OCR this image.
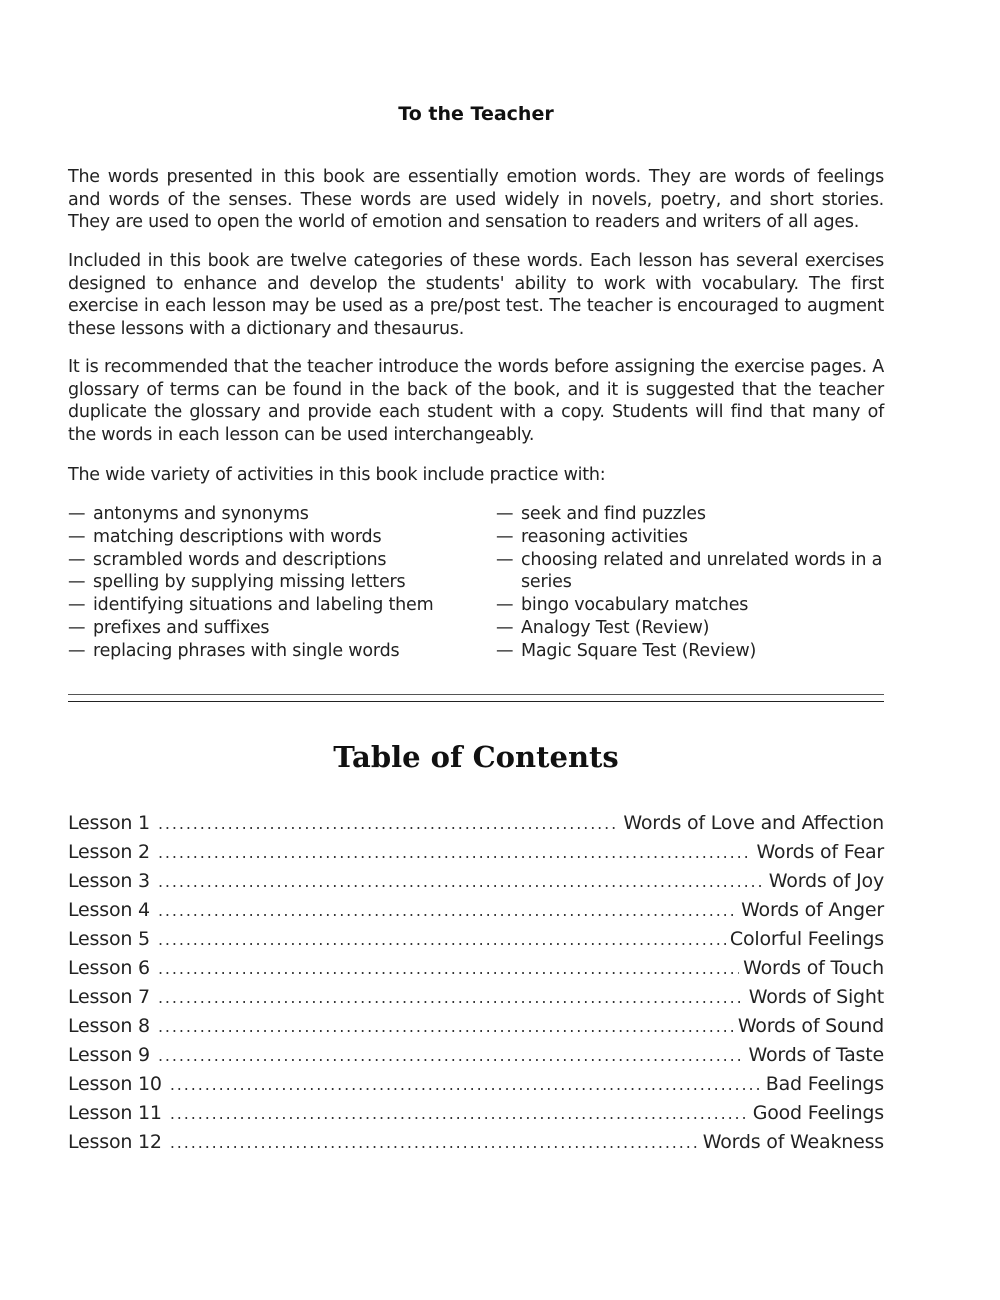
To the Teacher

The words presented in this book are essentially emotion words. They are words of feelings and words of the senses. These words are used widely in novels, poetry, and short stories. They are used to open the world of emotion and sensation to readers and writers of all ages.

Included in this book are twelve categories of these words. Each lesson has several exercises designed to enhance and develop the students' ability to work with vocabulary. The first exercise in each lesson may be used as a pre/post test. The teacher is encouraged to augment these lessons with a dictionary and thesaurus.

It is recommended that the teacher introduce the words before assigning the exercise pages. A glossary of terms can be found in the back of the book, and it is suggested that the teacher duplicate the glossary and provide each student with a copy. Students will find that many of the words in each lesson can be used interchangeably.

The wide variety of activities in this book include practice with:

— antonyms and synonyms
— matching descriptions with words
— scrambled words and descriptions
— spelling by supplying missing letters
— identifying situations and labeling them
— prefixes and suffixes
— replacing phrases with single words
— seek and find puzzles
— reasoning activities
— choosing related and unrelated words in a series
— bingo vocabulary matches
— Analogy Test (Review)
— Magic Square Test (Review)
Table of Contents
Lesson 1 . . .	Words of Love and Affection
Lesson 2 . . .	Words of Fear
Lesson 3 . . .	Words of Joy
Lesson 4 . . .	Words of Anger
Lesson 5 . . .	Colorful Feelings
Lesson 6 . . .	Words of Touch
Lesson 7 . . .	Words of Sight
Lesson 8 . . .	Words of Sound
Lesson 9 . . .	Words of Taste
Lesson 10 . . .	Bad Feelings
Lesson 11 . . .	Good Feelings
Lesson 12 . . .	Words of Weakness
